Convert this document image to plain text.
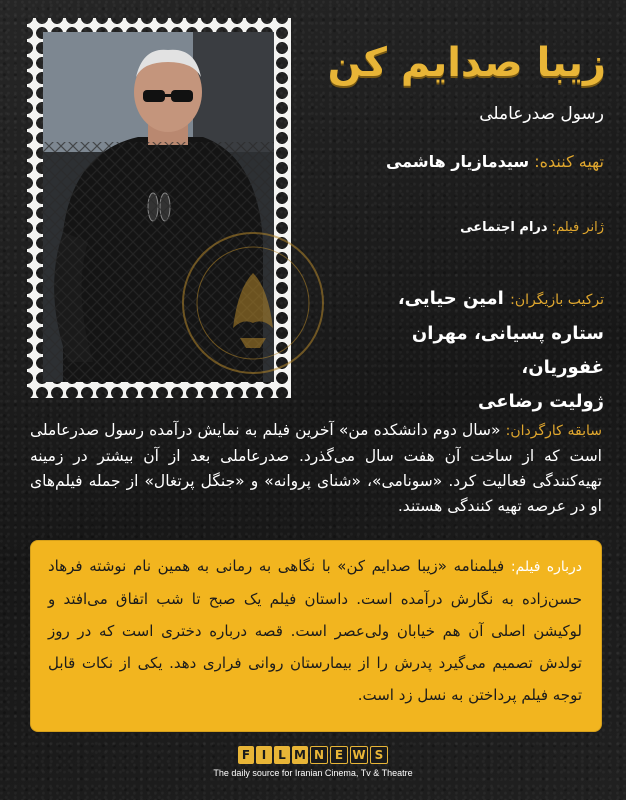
زیبا صدایم کن
رسول صدرعاملی
تهیه کننده: سیدمازیار هاشمی
ژانر فیلم: درام اجتماعی
ترکیب بازیگران: امین حیایی،
ستاره پسیانی، مهران غفوریان،
ژولیت رضاعی
سابقه کارگردان: «سال دوم دانشکده من» آخرین فیلم به نمایش درآمده رسول صدرعاملی است که از ساخت آن هفت سال می‌گذرد. صدرعاملی بعد از آن بیشتر در زمینه تهیه‌کنندگی فعالیت کرد. «سونامی»، «شنای پروانه» و «جنگل پرتغال» از جمله فیلم‌های او در عرصه تهیه کنندگی هستند.
درباره فیلم: فیلمنامه «زیبا صدایم کن» با نگاهی به رمانی به همین نام نوشته فرهاد حسن‌زاده به نگارش درآمده است. داستان فیلم یک صبح تا شب اتفاق می‌افتد و لوکیشن اصلی آن هم خیابان ولی‌عصر است. قصه درباره دختری است که در روز تولدش تصمیم می‌گیرد پدرش را از بیمارستان روانی فراری دهد. یکی از نکات قابل توجه فیلم پرداختن به نسل زد است.
F I L M N E W S
The daily source for Iranian Cinema, Tv & Theatre
